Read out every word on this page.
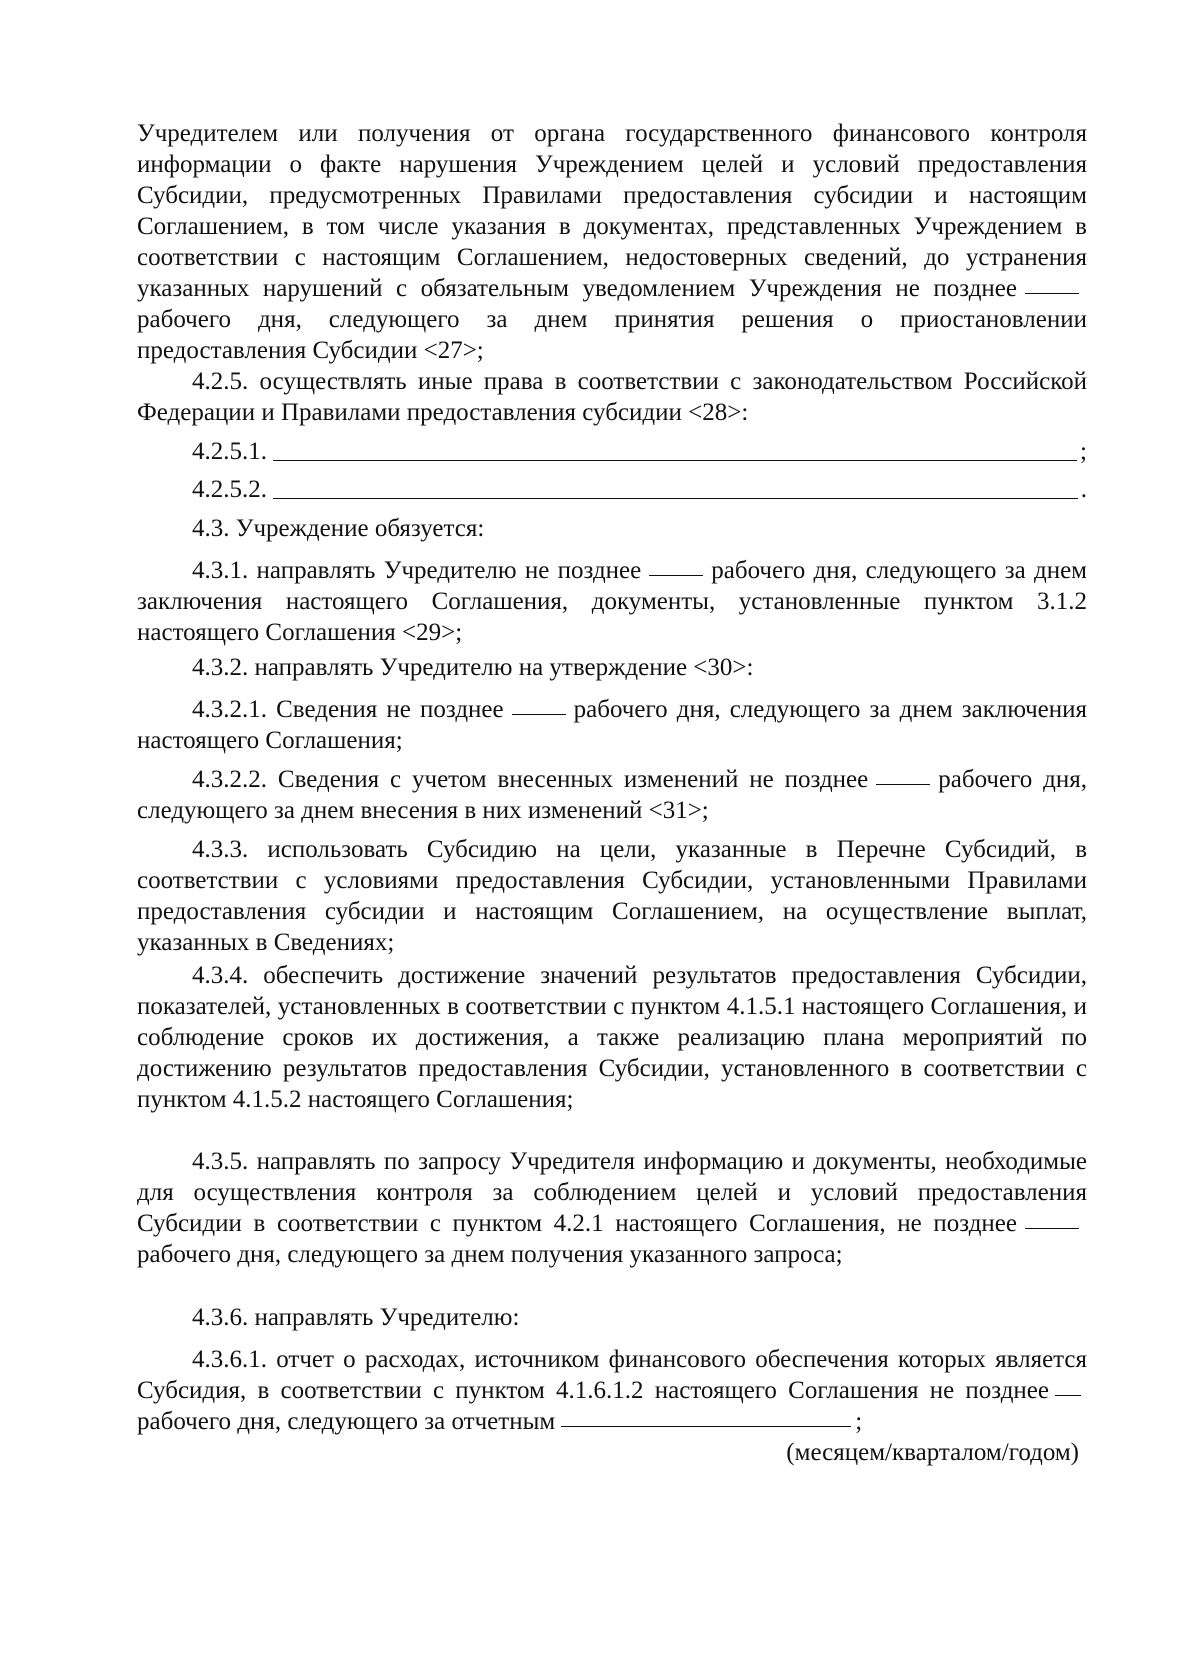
Учредителем или получения от органа государственного финансового контроля информации о факте нарушения Учреждением целей и условий предоставления Субсидии, предусмотренных Правилами предоставления субсидии и настоящим Соглашением, в том числе указания в документах, представленных Учреждением в соответствии с настоящим Соглашением, недостоверных сведений, до устранения указанных нарушений с обязательным уведомлением Учреждения не позднеерабочего дня, следующего за днем принятия решения о приостановлении предоставления Субсидии <27>;

4.2.5. осуществлять иные права в соответствии с законодательством Российской Федерации и Правилами предоставления субсидии <28>:

4.2.5.1.	;
4.2.5.2.	.

4.3. Учреждение обязуется:

4.3.1. направлять Учредителю не позднее	рабочего дня, следующего за днем заключения настоящего Соглашения, документы, установленные пунктом 3.1.2 настоящего Соглашения <29>;

4.3.2. направлять Учредителю на утверждение <30>:

4.3.2.1. Сведения не позднее	рабочего дня, следующего за днем заключения настоящего Соглашения;

4.3.2.2. Сведения с учетом внесенных изменений не позднее	рабочего дня, следующего за днем внесения в них изменений <31>;

4.3.3. использовать Субсидию на цели, указанные в Перечне Субсидий, в соответствии с условиями предоставления Субсидии, установленными Правилами предоставления субсидии и настоящим Соглашением, на осуществление выплат, указанных в Сведениях;

4.3.4. обеспечить достижение значений результатов предоставления Субсидии, показателей, установленных в соответствии с пунктом 4.1.5.1 настоящего Соглашения, и соблюдение сроков их достижения, а также реализацию плана мероприятий по достижению результатов предоставления Субсидии, установленного в соответствии с пунктом 4.1.5.2 настоящего Соглашения;

4.3.5. направлять по запросу Учредителя информацию и документы, необходимые для осуществления контроля за соблюдением целей и условий предоставления Субсидии в соответствии с пунктом 4.2.1 настоящего Соглашения, не позднеерабочего дня, следующего за днем получения указанного запроса;

4.3.6. направлять Учредителю:

4.3.6.1. отчет о расходах, источником финансового обеспечения которых является Субсидия, в соответствии с пунктом 4.1.6.1.2 настоящего Соглашения не позднеерабочего дня, следующего за отчетным	;

(месяцем/кварталом/годом)
